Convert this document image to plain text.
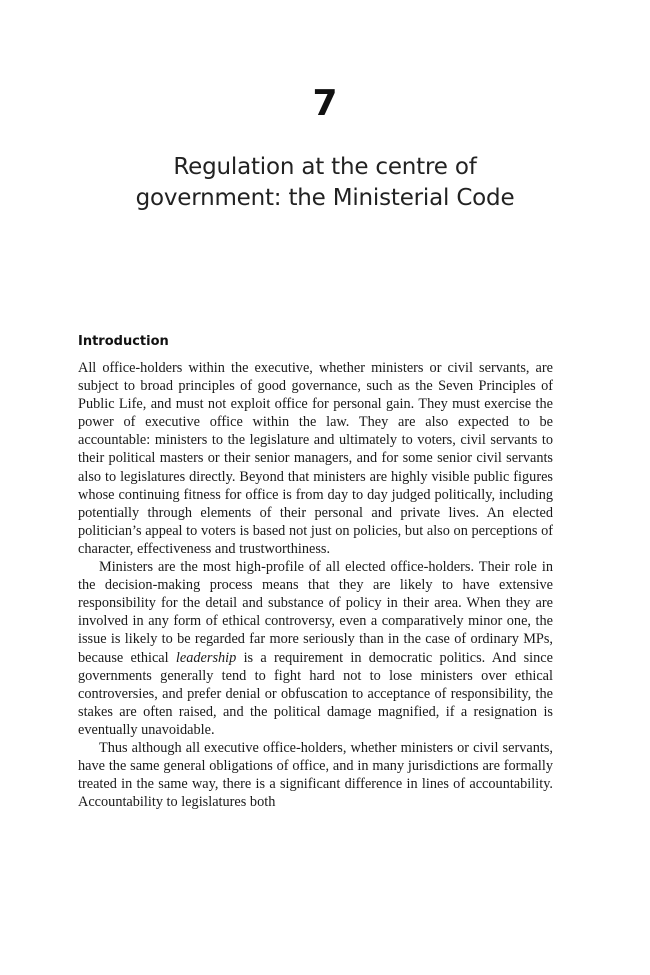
7
Regulation at the centre of
government: the Ministerial Code
Introduction

All office-holders within the executive, whether ministers or civil servants, are subject to broad principles of good governance, such as the Seven Principles of Public Life, and must not exploit office for personal gain. They must exercise the power of executive office within the law. They are also expected to be accountable: ministers to the legislature and ultimately to voters, civil servants to their political masters or their senior managers, and for some senior civil servants also to legislatures directly. Beyond that ministers are highly visible public figures whose continuing fitness for office is from day to day judged politically, including potentially through elements of their personal and private lives. An elected politician’s appeal to voters is based not just on policies, but also on perceptions of character, effectiveness and trustworthiness.

Ministers are the most high-profile of all elected office-holders. Their role in the decision-making process means that they are likely to have extensive responsibility for the detail and substance of policy in their area. When they are involved in any form of ethical controversy, even a comparatively minor one, the issue is likely to be regarded far more seriously than in the case of ordinary MPs, because ethical leadership is a requirement in democratic politics. And since governments generally tend to fight hard not to lose ministers over ethical controversies, and prefer denial or obfuscation to acceptance of responsibility, the stakes are often raised, and the political damage magnified, if a resignation is eventually unavoidable.

Thus although all executive office-holders, whether ministers or civil servants, have the same general obligations of office, and in many jurisdictions are formally treated in the same way, there is a significant difference in lines of accountability. Accountability to legislatures both
